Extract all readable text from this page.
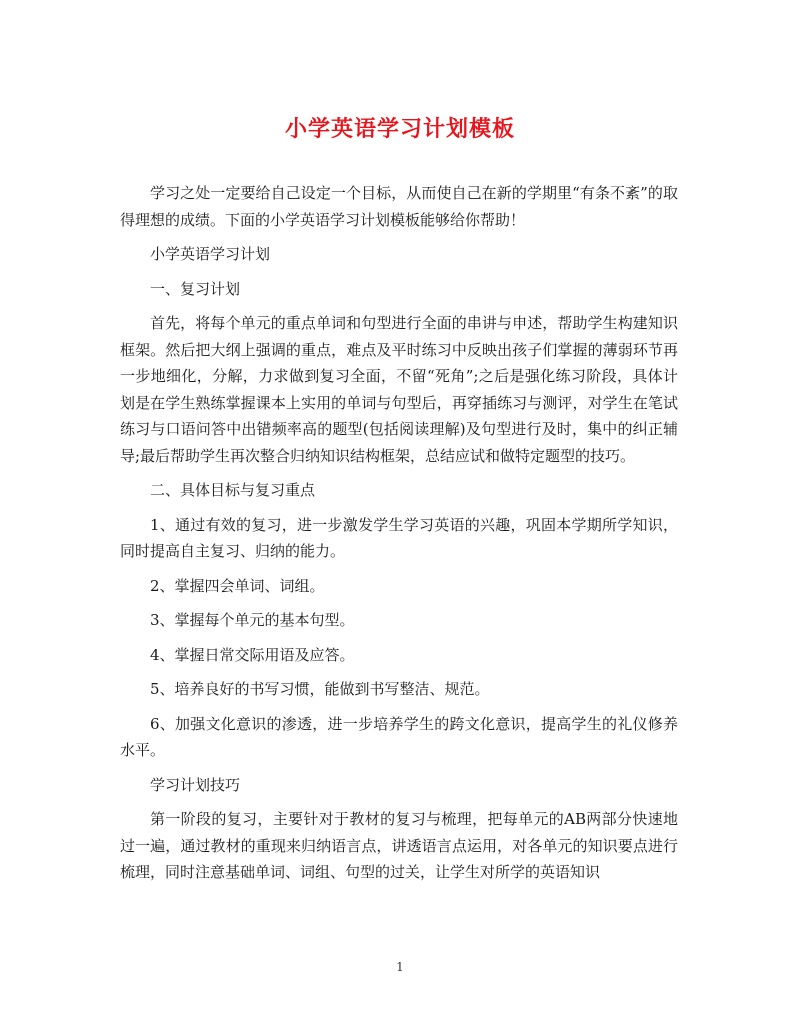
小学英语学习计划模板

学习之处一定要给自己设定一个目标，从而使自己在新的学期里“有条不紊”的取得理想的成绩。下面的小学英语学习计划模板能够给你帮助！

小学英语学习计划

一、复习计划

首先，将每个单元的重点单词和句型进行全面的串讲与申述，帮助学生构建知识框架。然后把大纲上强调的重点，难点及平时练习中反映出孩子们掌握的薄弱环节再一步地细化，分解，力求做到复习全面，不留“死角”;之后是强化练习阶段，具体计划是在学生熟练掌握课本上实用的单词与句型后，再穿插练习与测评，对学生在笔试练习与口语问答中出错频率高的题型(包括阅读理解)及句型进行及时，集中的纠正辅导;最后帮助学生再次整合归纳知识结构框架，总结应试和做特定题型的技巧。

二、具体目标与复习重点

1、通过有效的复习，进一步激发学生学习英语的兴趣，巩固本学期所学知识，同时提高自主复习、归纳的能力。

2、掌握四会单词、词组。

3、掌握每个单元的基本句型。

4、掌握日常交际用语及应答。

5、培养良好的书写习惯，能做到书写整洁、规范。

6、加强文化意识的渗透，进一步培养学生的跨文化意识，提高学生的礼仪修养水平。

学习计划技巧

第一阶段的复习，主要针对于教材的复习与梳理，把每单元的AB两部分快速地过一遍，通过教材的重现来归纳语言点，讲透语言点运用，对各单元的知识要点进行梳理，同时注意基础单词、词组、句型的过关，让学生对所学的英语知识

1
